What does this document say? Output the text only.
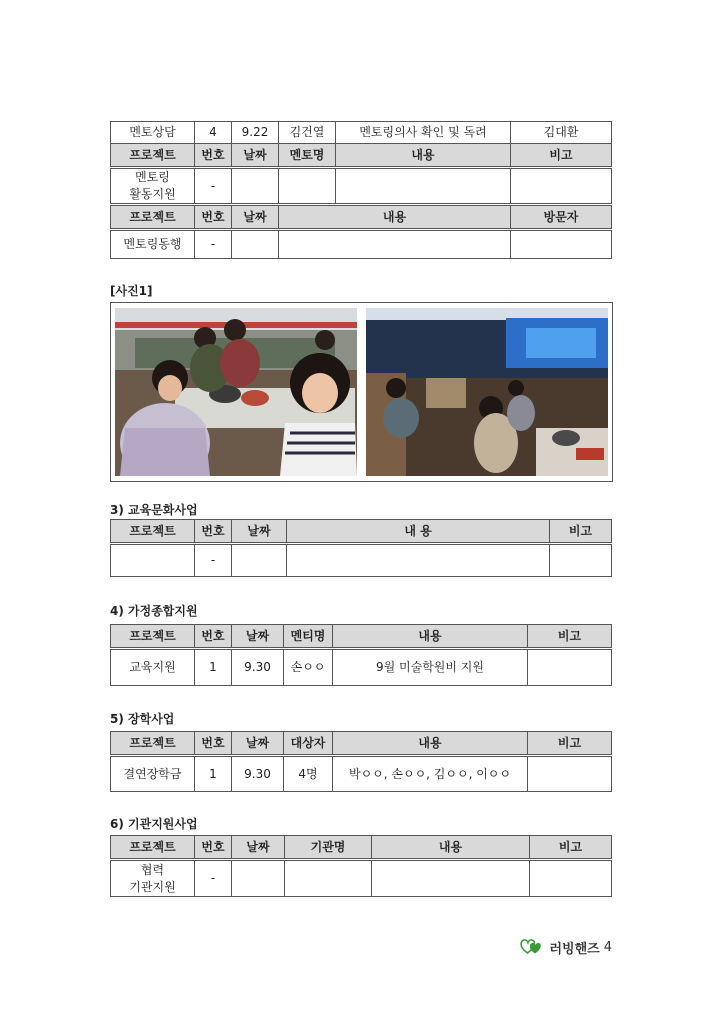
멘토상담	4	9.22	김건열	멘토링의사 확인 및 독려	김대환
프로젝트	번호	날짜	멘토명	내용	비고
멘토링
활동지원	-				
프로젝트	번호	날짜	내용		방문자
멘토링동행	-				
[사진1]
3) 교육문화사업
프로젝트	번호	날짜	내 용	비고
	-			
4) 가정종합지원
프로젝트	번호	날짜	멘티명	내용	비고
교육지원	1	9.30	손ㅇㅇ	9월 미술학원비 지원	
5) 장학사업
프로젝트	번호	날짜	대상자	내용	비고
결연장학금	1	9.30	4명	박ㅇㅇ, 손ㅇㅇ, 김ㅇㅇ, 이ㅇㅇ	
6) 기관지원사업
프로젝트	번호	날짜	기관명	내용	비고
협력
기관지원	-				
러빙핸즈 4
